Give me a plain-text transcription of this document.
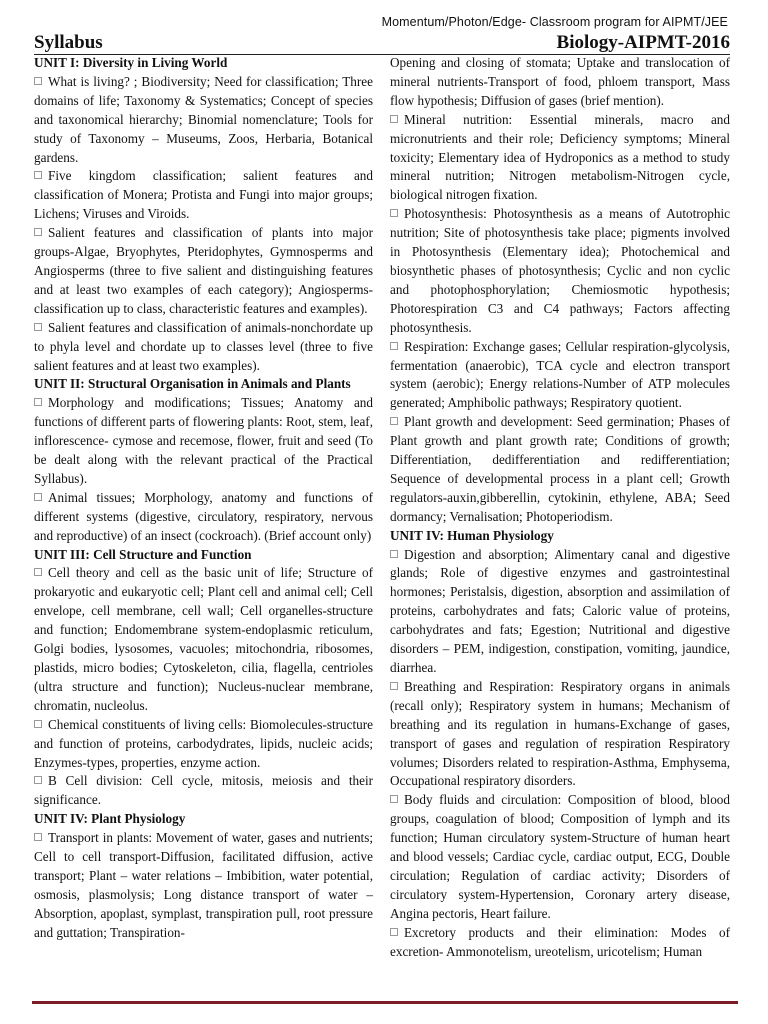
Momentum/Photon/Edge- Classroom program for AIPMT/JEE
Syllabus	Biology-AIPMT-2016

UNIT I: Diversity in Living World

What is living? ; Biodiversity; Need for classification; Three domains of life; Taxonomy & Systematics; Concept of species and taxonomical hierarchy; Binomial nomenclature; Tools for study of Taxonomy – Museums, Zoos, Herbaria, Botanical gardens.

Five kingdom classification; salient features and classification of Monera; Protista and Fungi into major groups; Lichens; Viruses and Viroids.

Salient features and classification of plants into major groups-Algae, Bryophytes, Pteridophytes, Gymnosperms and Angiosperms (three to five salient and distinguishing features and at least two examples of each category); Angiosperms- classification up to class, characteristic features and examples).

Salient features and classification of animals-nonchordate up to phyla level and chordate up to classes level (three to five salient features and at least two examples).

UNIT II: Structural Organisation in Animals and Plants

Morphology and modifications; Tissues; Anatomy and functions of different parts of flowering plants: Root, stem, leaf, inflorescence- cymose and recemose, flower, fruit and seed (To be dealt along with the relevant practical of the Practical Syllabus).

Animal tissues; Morphology, anatomy and functions of different systems (digestive, circulatory, respiratory, nervous and reproductive) of an insect (cockroach). (Brief account only)

UNIT III: Cell Structure and Function

Cell theory and cell as the basic unit of life; Structure of prokaryotic and eukaryotic cell; Plant cell and animal cell; Cell envelope, cell membrane, cell wall; Cell organelles-structure and function; Endomembrane system-endoplasmic reticulum, Golgi bodies, lysosomes, vacuoles; mitochondria, ribosomes, plastids, micro bodies; Cytoskeleton, cilia, flagella, centrioles (ultra structure and function); Nucleus-nuclear membrane, chromatin, nucleolus.

Chemical constituents of living cells: Biomolecules-structure and function of proteins, carbodydrates, lipids, nucleic acids; Enzymes-types, properties, enzyme action.

B Cell division: Cell cycle, mitosis, meiosis and their significance.

UNIT IV: Plant Physiology

Transport in plants: Movement of water, gases and nutrients; Cell to cell transport-Diffusion, facilitated diffusion, active transport; Plant – water relations – Imbibition, water potential, osmosis, plasmolysis; Long distance transport of water – Absorption, apoplast, symplast, transpiration pull, root pressure and guttation; Transpiration-

Opening and closing of stomata; Uptake and translocation of mineral nutrients-Transport of food, phloem transport, Mass flow hypothesis; Diffusion of gases (brief mention).

Mineral nutrition: Essential minerals, macro and micronutrients and their role; Deficiency symptoms; Mineral toxicity; Elementary idea of Hydroponics as a method to study mineral nutrition; Nitrogen metabolism-Nitrogen cycle, biological nitrogen fixation.

Photosynthesis: Photosynthesis as a means of Autotrophic nutrition; Site of photosynthesis take place; pigments involved in Photosynthesis (Elementary idea); Photochemical and biosynthetic phases of photosynthesis; Cyclic and non cyclic and photophosphorylation; Chemiosmotic hypothesis; Photorespiration C3 and C4 pathways; Factors affecting photosynthesis.

Respiration: Exchange gases; Cellular respiration-glycolysis, fermentation (anaerobic), TCA cycle and electron transport system (aerobic); Energy relations-Number of ATP molecules generated; Amphibolic pathways; Respiratory quotient.

Plant growth and development: Seed germination; Phases of Plant growth and plant growth rate; Conditions of growth; Differentiation, dedifferentiation and redifferentiation; Sequence of developmental process in a plant cell; Growth regulators-auxin,gibberellin, cytokinin, ethylene, ABA; Seed dormancy; Vernalisation; Photoperiodism.

UNIT IV: Human Physiology

Digestion and absorption; Alimentary canal and digestive glands; Role of digestive enzymes and gastrointestinal hormones; Peristalsis, digestion, absorption and assimilation of proteins, carbohydrates and fats; Caloric value of proteins, carbohydrates and fats; Egestion; Nutritional and digestive disorders – PEM, indigestion, constipation, vomiting, jaundice, diarrhea.

Breathing and Respiration: Respiratory organs in animals (recall only); Respiratory system in humans; Mechanism of breathing and its regulation in humans-Exchange of gases, transport of gases and regulation of respiration Respiratory volumes; Disorders related to respiration-Asthma, Emphysema, Occupational respiratory disorders.

Body fluids and circulation: Composition of blood, blood groups, coagulation of blood; Composition of lymph and its function; Human circulatory system-Structure of human heart and blood vessels; Cardiac cycle, cardiac output, ECG, Double circulation; Regulation of cardiac activity; Disorders of circulatory system-Hypertension, Coronary artery disease, Angina pectoris, Heart failure.

Excretory products and their elimination: Modes of excretion- Ammonotelism, ureotelism, uricotelism; Human
